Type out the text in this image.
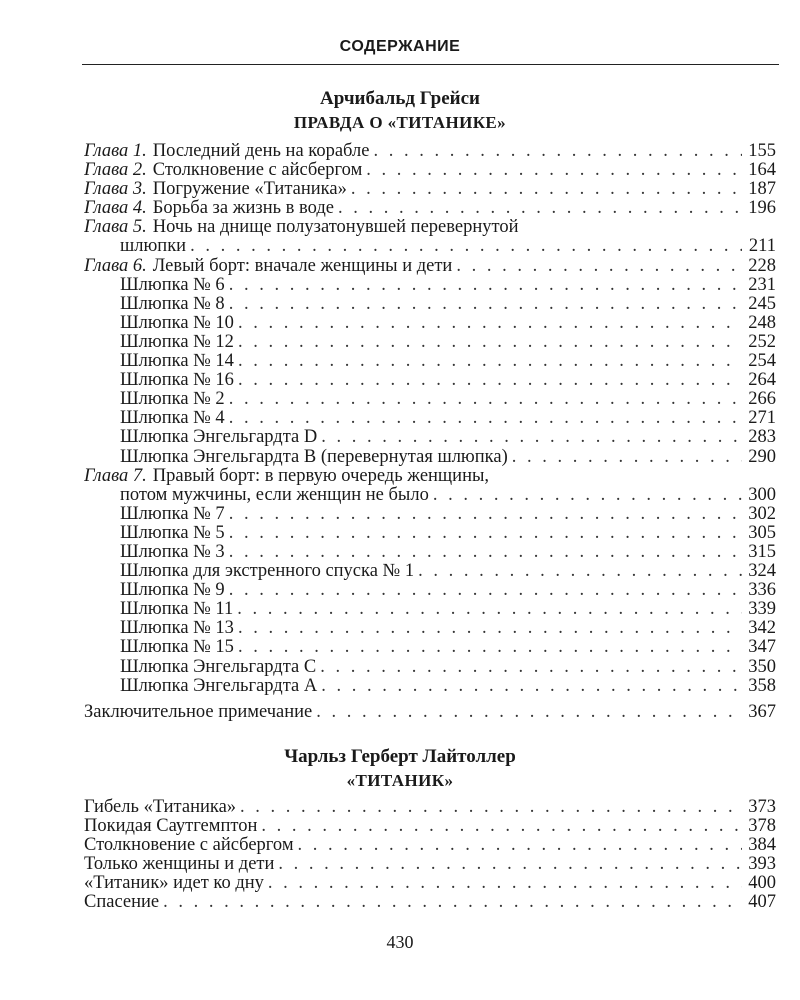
СОДЕРЖАНИЕ
Арчибальд Грейси
ПРАВДА О «ТИТАНИКЕ»
Глава 1. Последний день на корабле . . .	155
Глава 2. Столкновение с айсбергом . . .	164
Глава 3. Погружение «Титаника» . . .	187
Глава 4. Борьба за жизнь в воде . . .	196
Глава 5. Ночь на днище полузатонувшей перевернутой
шлюпки . . .	211
Глава 6. Левый борт: вначале женщины и дети . . .	228
Шлюпка № 6 . . .	231
Шлюпка № 8 . . .	245
Шлюпка № 10 . . .	248
Шлюпка № 12 . . .	252
Шлюпка № 14 . . .	254
Шлюпка № 16 . . .	264
Шлюпка № 2 . . .	266
Шлюпка № 4 . . .	271
Шлюпка Энгельгардта D . . .	283
Шлюпка Энгельгардта B (перевернутая шлюпка) . . .	290
Глава 7. Правый борт: в первую очередь женщины,
потом мужчины, если женщин не было . . .	300
Шлюпка № 7 . . .	302
Шлюпка № 5 . . .	305
Шлюпка № 3 . . .	315
Шлюпка для экстренного спуска № 1 . . .	324
Шлюпка № 9 . . .	336
Шлюпка № 11 . . .	339
Шлюпка № 13 . . .	342
Шлюпка № 15 . . .	347
Шлюпка Энгельгардта C . . .	350
Шлюпка Энгельгардта A . . .	358
Заключительное примечание . . .	367
Чарльз Герберт Лайтоллер
«ТИТАНИК»
Гибель «Титаника» . . .	373
Покидая Саутгемптон . . .	378
Столкновение с айсбергом . . .	384
Только женщины и дети . . .	393
«Титаник» идет ко дну . . .	400
Спасение . . .	407
430
